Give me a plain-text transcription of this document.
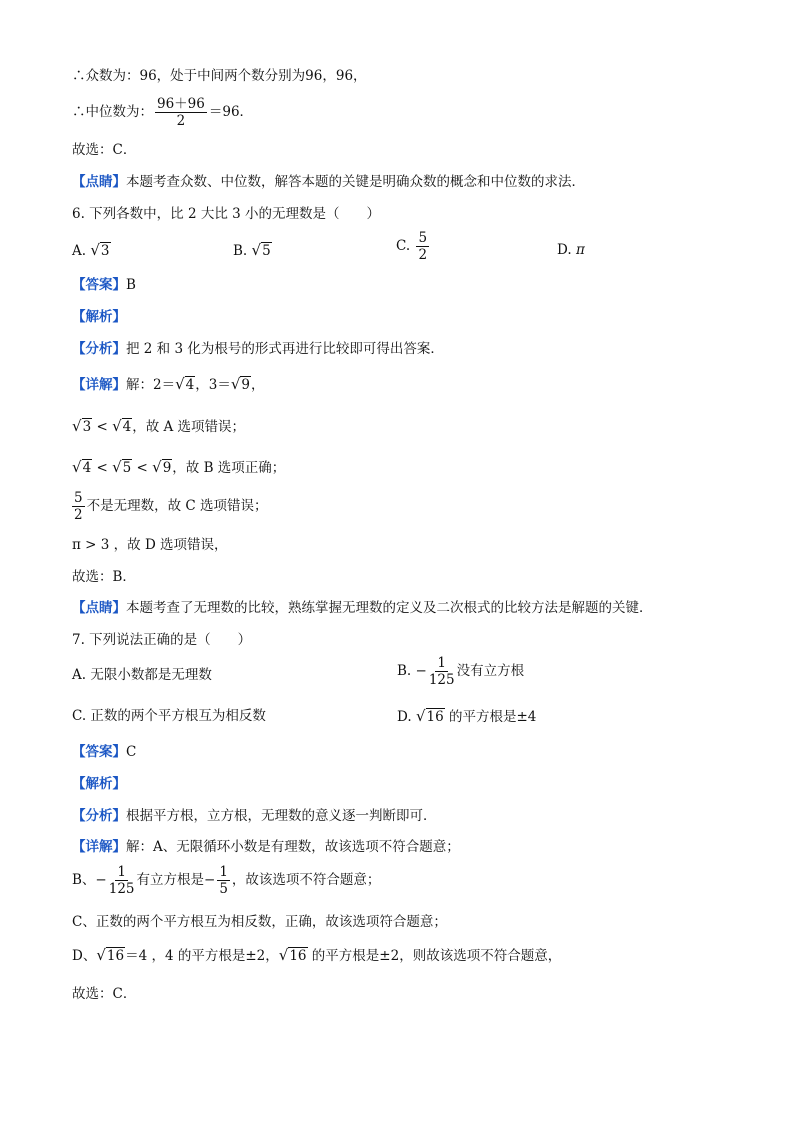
∴众数为：96，处于中间两个数分别为96，96，
∴中位数为： $\frac{96+96}{2} =96$．
故选：C．
【点睛】本题考查众数、中位数，解答本题的关键是明确众数的概念和中位数的求法．
6. 下列各数中，比 2 大比 3 小的无理数是（　　）
A. √3	B. √5	C. $\frac{5}{2}$	D. π
【答案】B
【解析】
【分析】把 2 和 3 化为根号的形式再进行比较即可得出答案．
【详解】解：2＝√4，3＝√9，
√3 < √4，故 A 选项错误；
√4 < √5 < √9，故 B 选项正确；
$\frac{5}{2}$ 不是无理数，故 C 选项错误；
π > 3 ，故 D 选项错误，
故选：B．
【点睛】本题考查了无理数的比较，熟练掌握无理数的定义及二次根式的比较方法是解题的关键．
7. 下列说法正确的是（　　）
A. 无限小数都是无理数	B. − $\frac{1}{125}$ 没有立方根
C. 正数的两个平方根互为相反数	D. √16 的平方根是±4
【答案】C
【解析】
【分析】根据平方根，立方根，无理数的意义逐一判断即可．
【详解】解：A、无限循环小数是有理数，故该选项不符合题意；
B、− $\frac{1}{125}$ 有立方根是− $\frac{1}{5}$ ，故该选项不符合题意；
C、正数的两个平方根互为相反数，正确，故该选项符合题意；
D、√16＝4 ，4 的平方根是±2，√16 的平方根是±2，则故该选项不符合题意，
故选：C．
